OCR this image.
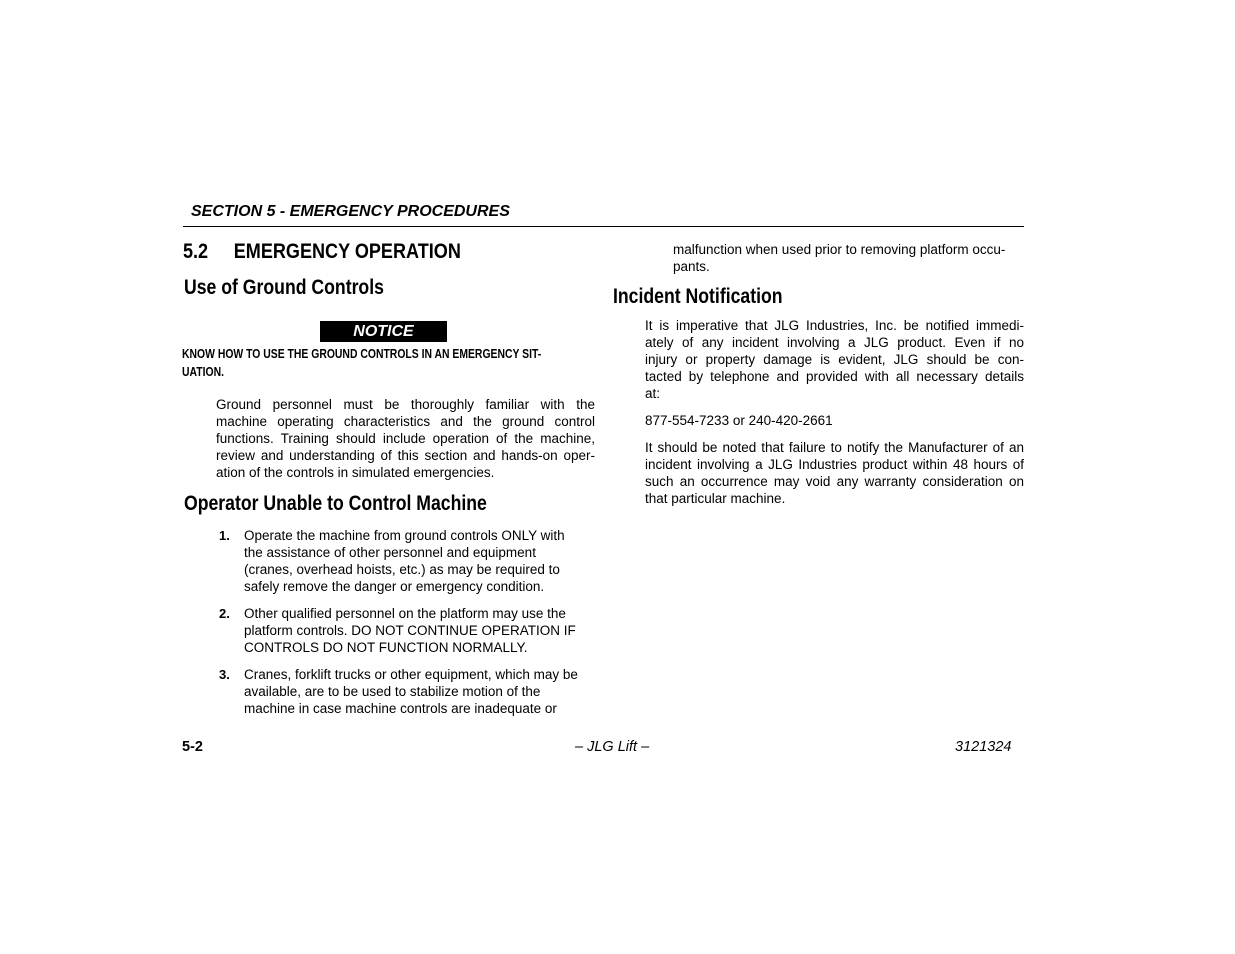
SECTION 5 - EMERGENCY PROCEDURES
5.2 EMERGENCY OPERATION
Use of Ground Controls
NOTICE
KNOW HOW TO USE THE GROUND CONTROLS IN AN EMERGENCY SIT-
UATION.
Ground personnel must be thoroughly familiar with the
machine operating characteristics and the ground control
functions. Training should include operation of the machine,
review and understanding of this section and hands-on oper-
ation of the controls in simulated emergencies.
Operator Unable to Control Machine
1. Operate the machine from ground controls ONLY with
the assistance of other personnel and equipment
(cranes, overhead hoists, etc.) as may be required to
safely remove the danger or emergency condition.
2. Other qualified personnel on the platform may use the
platform controls. DO NOT CONTINUE OPERATION IF
CONTROLS DO NOT FUNCTION NORMALLY.
3. Cranes, forklift trucks or other equipment, which may be
available, are to be used to stabilize motion of the
machine in case machine controls are inadequate or
malfunction when used prior to removing platform occu-
pants.
Incident Notification
It is imperative that JLG Industries, Inc. be notified immedi-
ately of any incident involving a JLG product. Even if no
injury or property damage is evident, JLG should be con-
tacted by telephone and provided with all necessary details
at:
877-554-7233 or 240-420-2661
It should be noted that failure to notify the Manufacturer of an
incident involving a JLG Industries product within 48 hours of
such an occurrence may void any warranty consideration on
that particular machine.
5-2	– JLG Lift –	3121324
